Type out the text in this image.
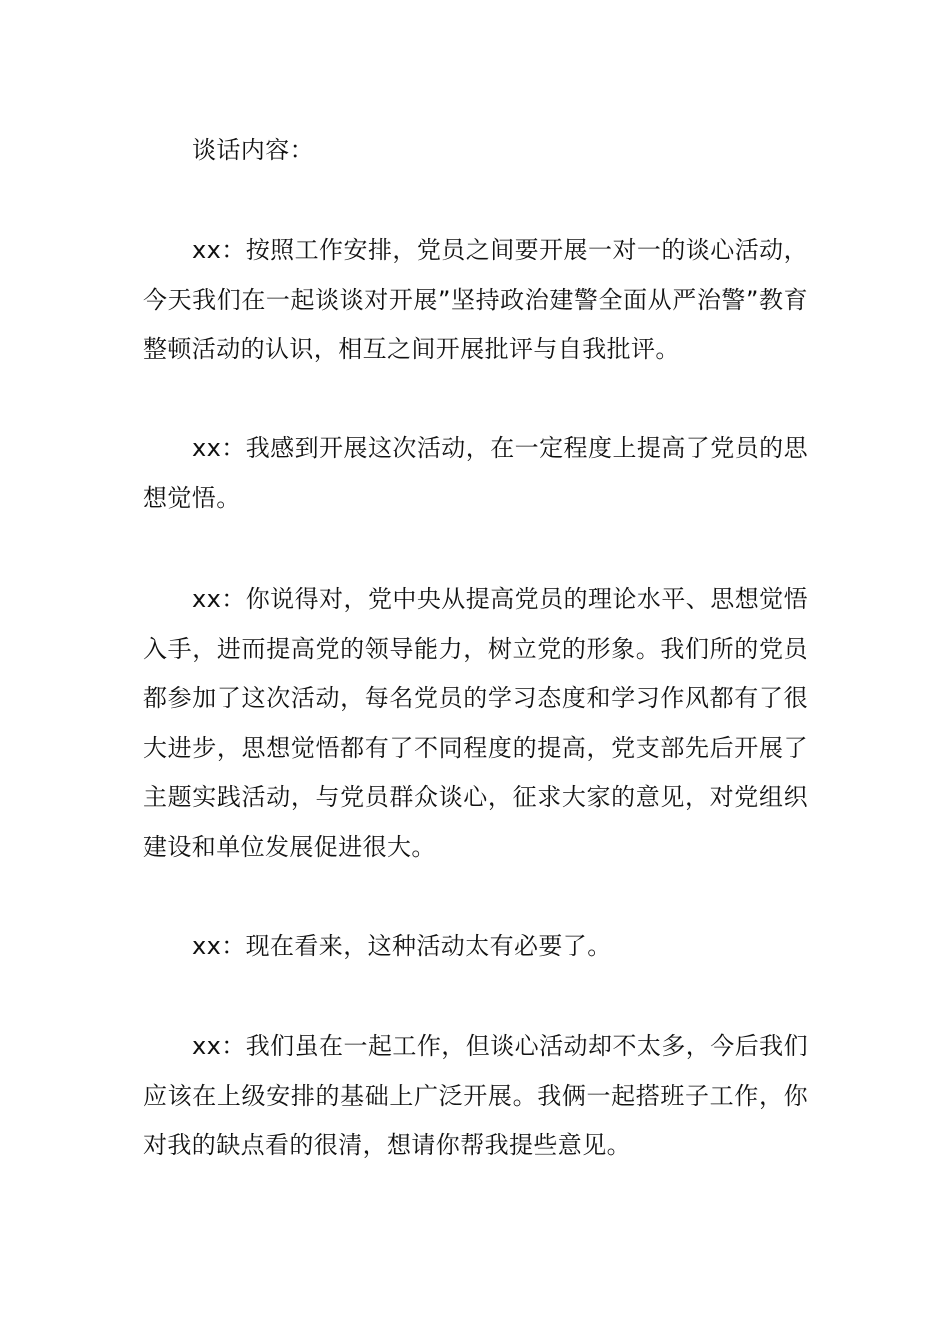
谈话内容：

xx：按照工作安排，党员之间要开展一对一的谈心活动，今天我们在一起谈谈对开展”坚持政治建警全面从严治警”教育整顿活动的认识，相互之间开展批评与自我批评。

xx：我感到开展这次活动，在一定程度上提高了党员的思想觉悟。

xx：你说得对，党中央从提高党员的理论水平、思想觉悟入手，进而提高党的领导能力，树立党的形象。我们所的党员都参加了这次活动，每名党员的学习态度和学习作风都有了很大进步，思想觉悟都有了不同程度的提高，党支部先后开展了主题实践活动，与党员群众谈心，征求大家的意见，对党组织建设和单位发展促进很大。

xx：现在看来，这种活动太有必要了。

xx：我们虽在一起工作，但谈心活动却不太多，今后我们应该在上级安排的基础上广泛开展。我俩一起搭班子工作，你对我的缺点看的很清，想请你帮我提些意见。
